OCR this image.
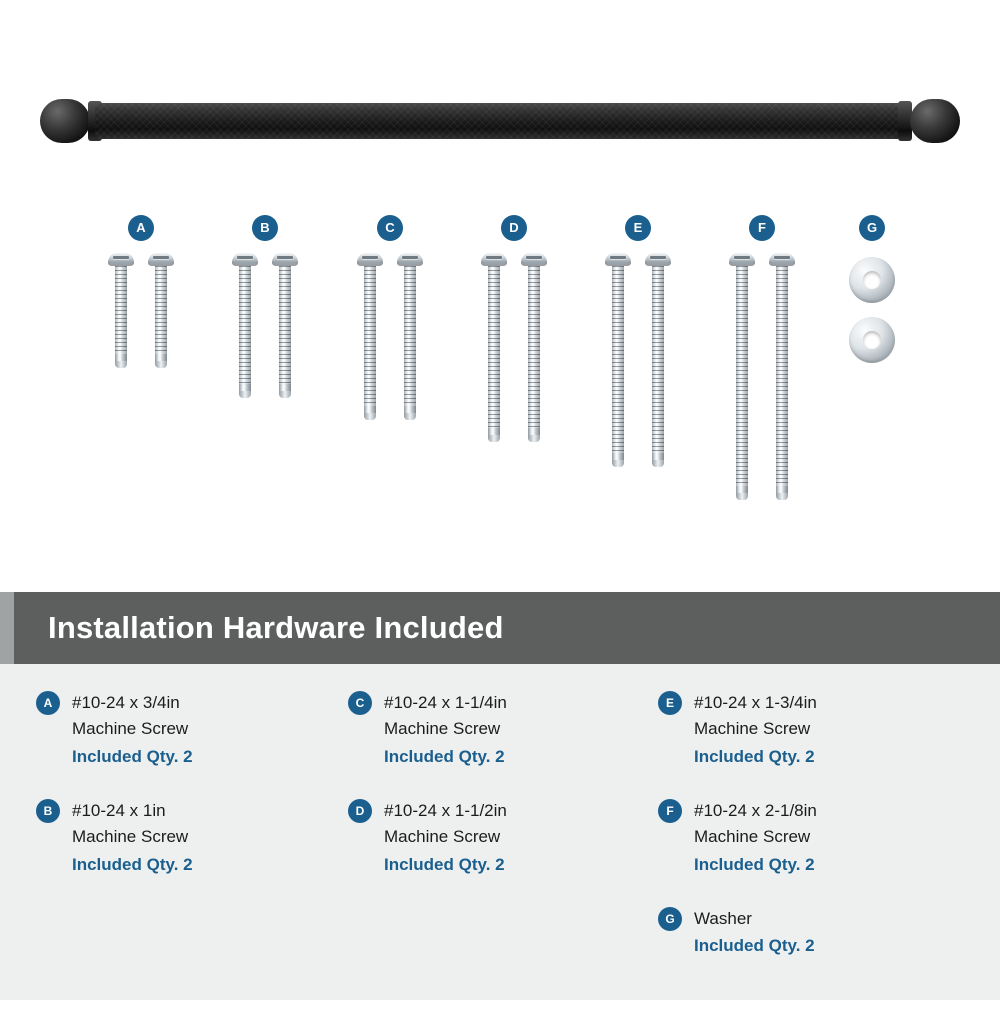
A	B	C	D	E	F	G
Installation Hardware Included
A	#10-24 x 3/4in
Machine Screw
Included Qty. 2
B	#10-24 x 1in
Machine Screw
Included Qty. 2
C	#10-24 x 1-1/4in
Machine Screw
Included Qty. 2
D	#10-24 x 1-1/2in
Machine Screw
Included Qty. 2
E	#10-24 x 1-3/4in
Machine Screw
Included Qty. 2
F	#10-24 x 2-1/8in
Machine Screw
Included Qty. 2
G	Washer
Included Qty. 2
